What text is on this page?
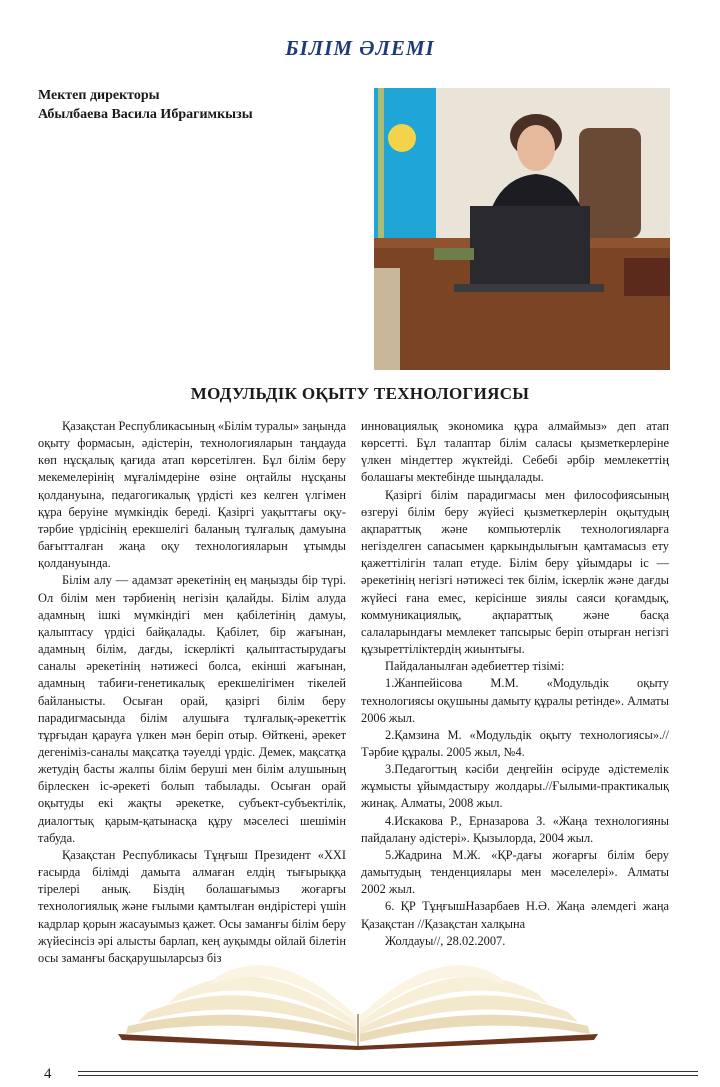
БІЛІМ ӘЛЕМІ
Мектеп директоры
Абылбаева Васила Ибрагимкызы
МОДУЛЬДІК ОҚЫТУ ТЕХНОЛОГИЯСЫ

Қазақстан Республикасының «Білім туралы» заңында оқыту формасын, әдістерін, технологияларын таңдауда көп нұсқалық қағида атап көрсетілген. Бұл білім беру мекемелерінің мұғалімдеріне өзіне оңтайлы нұсқаны қолдануына, педагогикалық үрдісті кез келген үлгімен құра беруіне мүмкіндік береді. Қазіргі уақыттағы оқу-тәрбие үрдісінің ерекшелігі баланың тұлғалық дамуына бағытталған жаңа оқу технологияларын ұтымды қолдануында.

Білім алу — адамзат әрекетінің ең маңызды бір түрі. Ол білім мен тәрбиенің негізін қалайды. Білім алуда адамның ішкі мүмкіндігі мен қабілетінің дамуы, қалыптасу үрдісі байқалады. Қабілет, бір жағынан, адамның білім, дағды, іскерлікті қалыптастырудағы саналы әрекетінің нәтижесі болса, екінші жағынан, адамның табиғи-генетикалық ерекшелігімен тікелей байланысты. Осыған орай, қазіргі білім беру парадигмасында білім алушыға тұлғалық-әрекеттік тұрғыдан қарауға үлкен мән беріп отыр. Өйткені, әрекет дегеніміз-саналы мақсатқа тәуелді үрдіс. Демек, мақсатқа жетудің басты жалпы білім беруші мен білім алушының бірлескен іс-әрекеті болып табылады. Осыған орай оқытуды екі жақты әрекетке, субъект-субъектілік, диалогтық қарым-қатынасқа құру мәселесі шешімін табуда.

Қазақстан Республикасы Тұңғыш Президент «XXI ғасырда білімді дамыта алмаған елдің тығырыққа тірелері анық. Біздің болашағымыз жоғарғы технологиялық және ғылыми қамтылған өндірістері үшін кадрлар қорын жасауымыз қажет. Осы заманғы білім беру жүйесінсіз әрі алысты барлап, кең ауқымды ойлай білетін осы заманғы басқарушыларсыз біз

инновациялық экономика құра алмаймыз» деп атап көрсетті. Бұл талаптар білім саласы қызметкерлеріне үлкен міндеттер жүктейді. Себебі әрбір мемлекеттің болашағы мектебінде шыңдалады.

Қазіргі білім парадигмасы мен философиясының өзгеруі білім беру жүйесі қызметкерлерін оқытудың ақпараттық және компьютерлік технологияларға негізделген сапасымен қаркындылығын қамтамасыз ету қажеттілігін талап етуде. Білім беру ұйымдары іс — әрекетінің негізгі нәтижесі тек білім, іскерлік және дағды жүйесі ғана емес, керісінше зиялы саяси қоғамдық, коммуникациялық, ақпараттық және басқа салаларындағы мемлекет тапсырыс беріп отырған негізгі құзыреттіліктердің жиынтығы.

Пайдаланылған әдебиеттер тізімі:

1.Жанпейісова М.М. «Модульдік оқыту технологиясы оқушыны дамыту құралы ретінде». Алматы 2006 жыл.

2.Қамзина М. «Модульдік оқыту технологиясы».// Тәрбие құралы. 2005 жыл, №4.

3.Педагогтың кәсіби деңгейін өсіруде әдістемелік жұмысты ұйымдастыру жолдары.//Ғылыми-практикалық жинақ. Алматы, 2008 жыл.

4.Искакова Р., Ерназарова З. «Жаңа технологияны пайдалану әдістері». Қызылорда, 2004 жыл.

5.Жадрина М.Ж. «ҚР-дағы жоғарғы білім беру дамытудың тенденциялары мен мәселелері». Алматы 2002 жыл.

6. ҚР ТұңғышНазарбаев Н.Ә. Жаңа әлемдегі жаңа Қазақстан //Қазақстан халқына

Жолдауы//, 28.02.2007.

4
